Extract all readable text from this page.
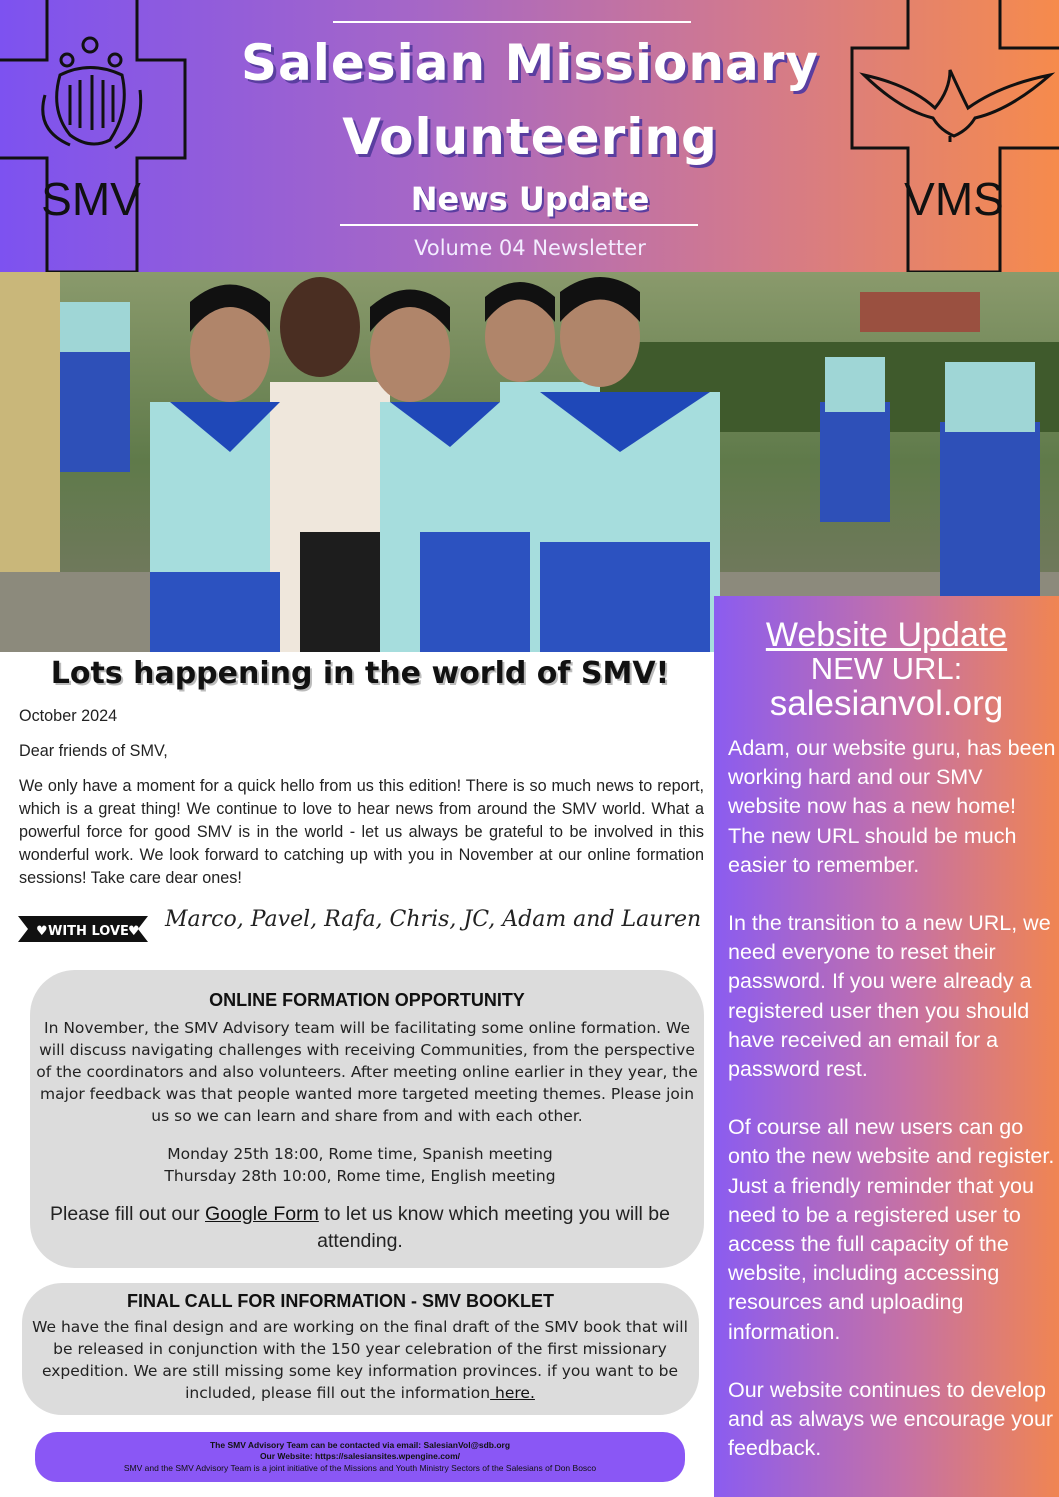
SMV	VMS
Salesian Missionary
Volunteering
News Update
Volume 04 Newsletter
Website Update
NEW URL:
salesianvol.org

Adam, our website guru, has been working hard and our SMV website now has a new home! The new URL should be much easier to remember.

In the transition to a new URL, we need everyone to reset their password. If you were already a registered user then you should have received an email for a password rest.

Of course all new users can go onto the new website and register. Just a friendly reminder that you need to be a registered user to access the full capacity of the website, including accessing resources and uploading information.

Our website continues to develop and as always we encourage your feedback.

Lots happening in the world of SMV!
October 2024
Dear friends of SMV,
We only have a moment for a quick hello from us this edition! There is so much news to report, which is a great thing! We continue to love to hear news from around the SMV world. What a powerful force for good SMV is in the world - let us always be grateful to be involved in this wonderful work. We look forward to catching up with you in November at our online formation sessions! Take care dear ones!
♥ WITH LOVE ♥ Marco, Pavel, Rafa, Chris, JC, Adam and Lauren
ONLINE FORMATION OPPORTUNITY
In November, the SMV Advisory team will be facilitating some online formation. We will discuss navigating challenges with receiving Communities, from the perspective of the coordinators and also volunteers. After meeting online earlier in they year, the major feedback was that people wanted more targeted meeting themes. Please join us so we can learn and share from and with each other.
Monday 25th 18:00, Rome time, Spanish meeting
Thursday 28th 10:00, Rome time, English meeting
Please fill out our Google Form to let us know which meeting you will be attending.
FINAL CALL FOR INFORMATION - SMV BOOKLET
We have the final design and are working on the final draft of the SMV book that will be released in conjunction with the 150 year celebration of the first missionary expedition. We are still missing some key information provinces. if you want to be included, please fill out the information here.
The SMV Advisory Team can be contacted via email: SalesianVol@sdb.org
Our Website: https://salesiansites.wpengine.com/
SMV and the SMV Advisory Team is a joint initiative of the Missions and Youth Ministry Sectors of the Salesians of Don Bosco
